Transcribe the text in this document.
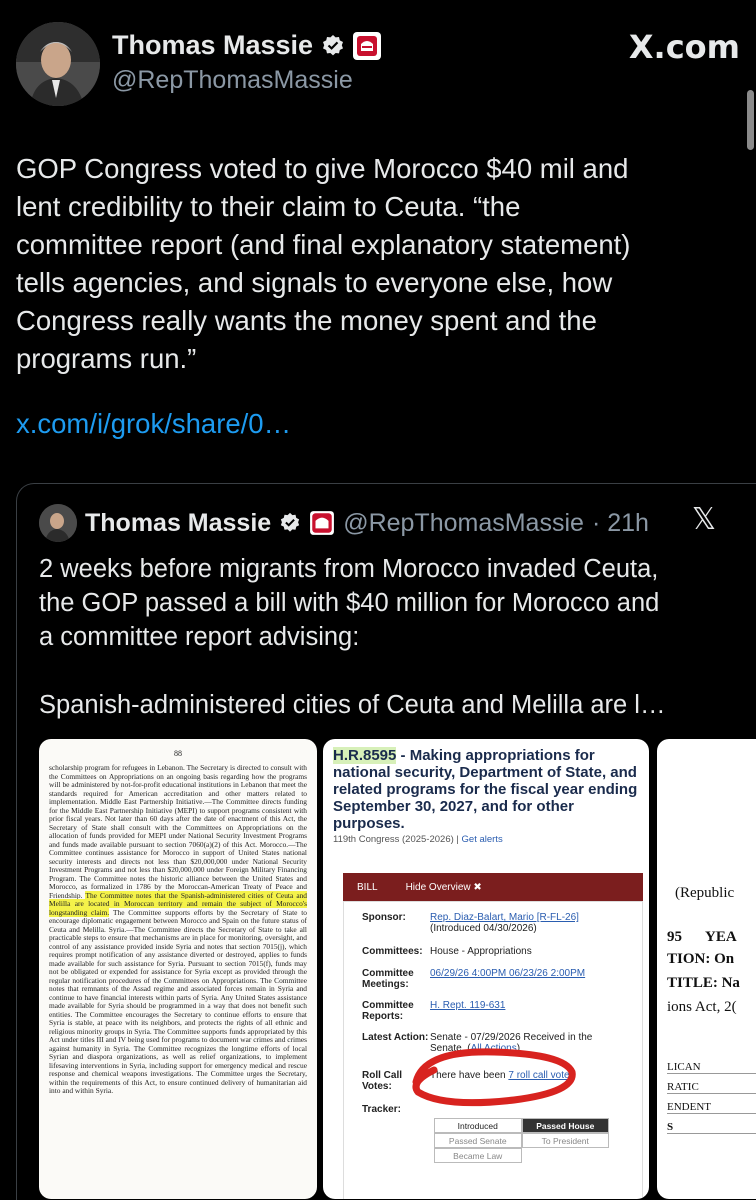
Thomas Massie
@RepThomasMassie
X.com
GOP Congress voted to give Morocco $40 mil and
lent credibility to their claim to Ceuta. “the
committee report (and final explanatory statement)
tells agencies, and signals to everyone else, how
Congress really wants the money spent and the
programs run.”
x.com/i/grok/share/0…
Thomas Massie	@RepThomasMassie · 21h 𝕏
2 weeks before migrants from Morocco invaded Ceuta,
the GOP passed a bill with $40 million for Morocco and
a committee report advising:

Spanish-administered cities of Ceuta and Melilla are l…
88
scholarship program for refugees in Lebanon. The Secretary is directed to consult with the Committees on Appropriations on an ongoing basis regarding how the programs will be administered by not-for-profit educational institutions in Lebanon that meet the standards required for American accreditation and other matters related to implementation. Middle East Partnership Initiative.—The Committee directs funding for the Middle East Partnership Initiative (MEPI) to support programs consistent with prior fiscal years. Not later than 60 days after the date of enactment of this Act, the Secretary of State shall consult with the Committees on Appropriations on the allocation of funds provided for MEPI under National Security Investment Programs and funds made available pursuant to section 7060(a)(2) of this Act. Morocco.—The Committee continues assistance for Morocco in support of United States national security interests and directs not less than $20,000,000 under National Security Investment Programs and not less than $20,000,000 under Foreign Military Financing Program. The Committee notes the historic alliance between the United States and Morocco, as formalized in 1786 by the Moroccan-American Treaty of Peace and Friendship. The Committee notes that the Spanish-administered cities of Ceuta and Melilla are located in Moroccan territory and remain the subject of Morocco's longstanding claim. The Committee supports efforts by the Secretary of State to encourage diplomatic engagement between Morocco and Spain on the future status of Ceuta and Melilla. Syria.—The Committee directs the Secretary of State to take all practicable steps to ensure that mechanisms are in place for monitoring, oversight, and control of any assistance provided inside Syria and notes that section 7015(j), which requires prompt notification of any assistance diverted or destroyed, applies to funds made available for such assistance for Syria. Pursuant to section 7015(f), funds may not be obligated or expended for assistance for Syria except as provided through the regular notification procedures of the Committees on Appropriations. The Committee notes that remnants of the Assad regime and associated forces remain in Syria and continue to have financial interests within parts of Syria. Any United States assistance made available for Syria should be programmed in a way that does not benefit such entities. The Committee encourages the Secretary to continue efforts to ensure that Syria is stable, at peace with its neighbors, and protects the rights of all ethnic and religious minority groups in Syria. The Committee supports funds appropriated by this Act under titles III and IV being used for programs to document war crimes and crimes against humanity in Syria. The Committee recognizes the longtime efforts of local Syrian and diaspora organizations, as well as relief organizations, to implement lifesaving interventions in Syria, including support for emergency medical and rescue response and chemical weapons investigations. The Committee urges the Secretary, within the requirements of this Act, to ensure continued delivery of humanitarian aid into and within Syria.
H.R.8595 - Making appropriations for national security, Department of State, and related programs for the fiscal year ending September 30, 2027, and for other purposes.
119th Congress (2025-2026) | Get alerts
BILL	Hide Overview ✖
Sponsor: Rep. Diaz-Balart, Mario [R-FL-26]
(Introduced 04/30/2026)
Committees: House - Appropriations
Committee Meetings:06/29/26 4:00PM 06/23/26 2:00PM
Committee Reports:H. Rept. 119-631
Latest Action: Senate - 07/29/2026 Received in the Senate. (All Actions)
Roll Call Votes:There have been 7 roll call votes
Tracker:
Introduced	Passed House
Passed Senate	To President
Became Law
(Republic
95 YEA
TION: On
TITLE: Na
ions Act, 2(
LICAN
RATIC
ENDENT
S
